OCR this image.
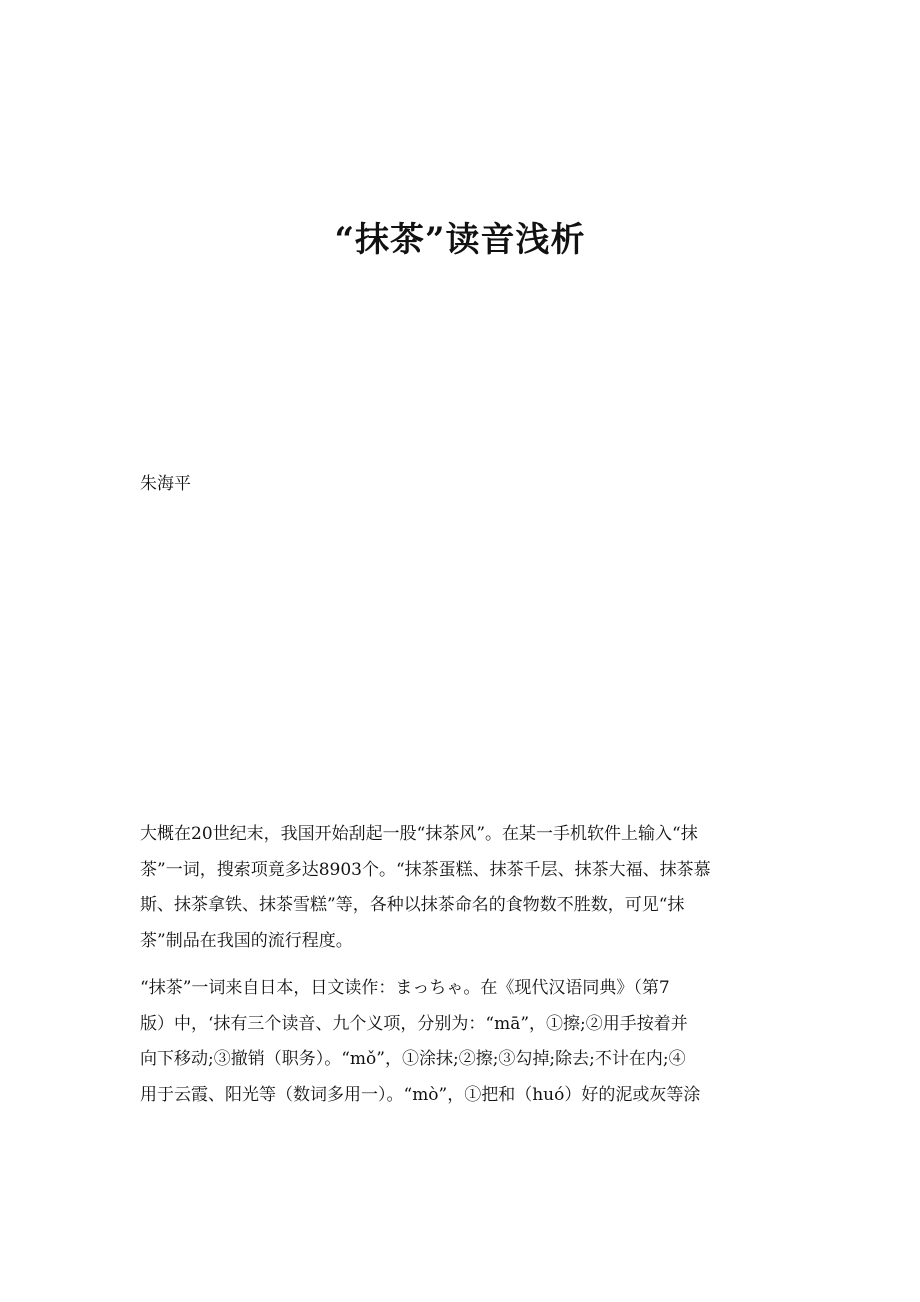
“抹茶”读音浅析

朱海平

大概在20世纪末，我国开始刮起一股“抹茶风”。在某一手机软件上输入“抹
茶”一词，搜索项竟多达8903个。“抹茶蛋糕、抹茶千层、抹茶大福、抹茶慕
斯、抹茶拿铁、抹茶雪糕”等，各种以抹茶命名的食物数不胜数，可见“抹
茶”制品在我国的流行程度。

“抹茶”一词来自日本，日文读作：まっちゃ。在《现代汉语同典》（第7
版）中，‘抹有三个读音、九个义项，分别为：“mā”，①擦;②用手按着并
向下移动;③撤销（职务）。“mǒ”，①涂抹;②擦;③勾掉;除去;不计在内;④
用于云霞、阳光等（数词多用一）。“mò”，①把和（huó）好的泥或灰等涂
